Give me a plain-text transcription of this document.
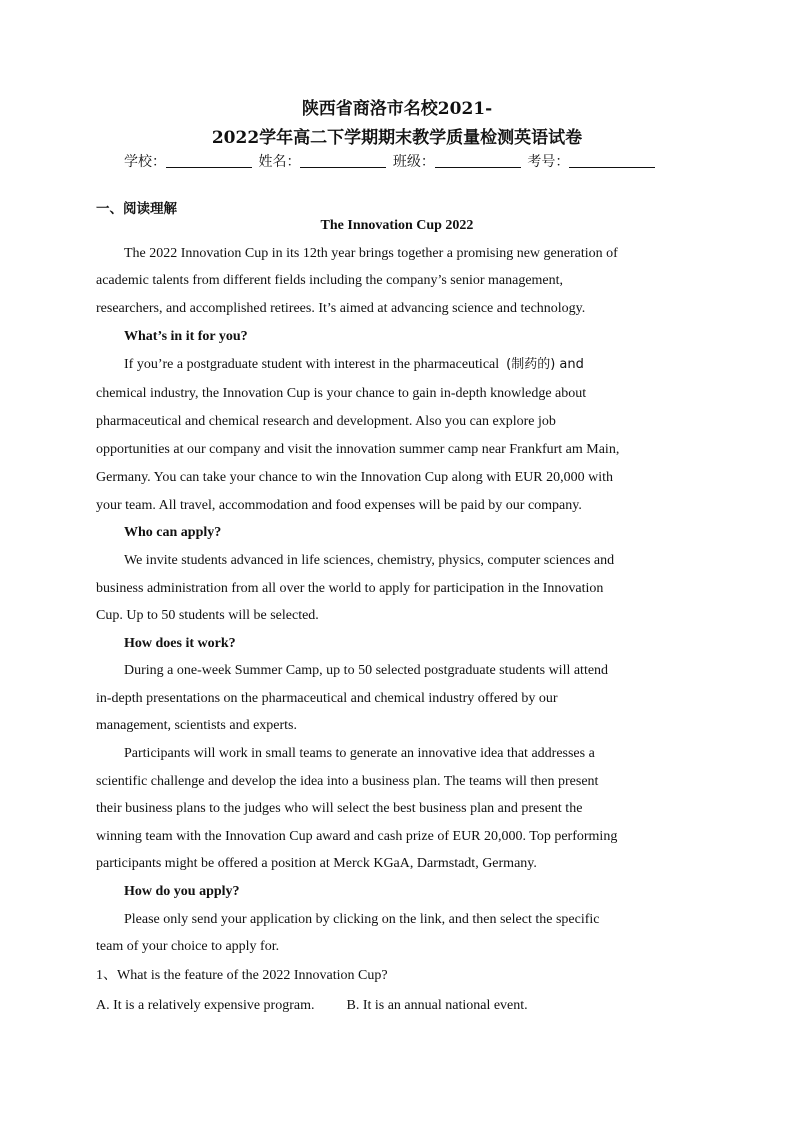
陕西省商洛市名校2021-
2022学年高二下学期期末教学质量检测英语试卷
学校：	姓名：	班级：	考号：
一、阅读理解
The Innovation Cup 2022
The 2022 Innovation Cup in its 12th year brings together a promising new generation of
academic talents from different fields including the company’s senior management,
researchers, and accomplished retirees. It’s aimed at advancing science and technology.
What’s in it for you?
If you’re a postgraduate student with interest in the pharmaceutical (制药的) and
chemical industry, the Innovation Cup is your chance to gain in-depth knowledge about
pharmaceutical and chemical research and development. Also you can explore job
opportunities at our company and visit the innovation summer camp near Frankfurt am Main,
Germany. You can take your chance to win the Innovation Cup along with EUR 20,000 with
your team. All travel, accommodation and food expenses will be paid by our company.
Who can apply?
We invite students advanced in life sciences, chemistry, physics, computer sciences and
business administration from all over the world to apply for participation in the Innovation
Cup. Up to 50 students will be selected.
How does it work?
During a one-week Summer Camp, up to 50 selected postgraduate students will attend
in-depth presentations on the pharmaceutical and chemical industry offered by our
management, scientists and experts.
Participants will work in small teams to generate an innovative idea that addresses a
scientific challenge and develop the idea into a business plan. The teams will then present
their business plans to the judges who will select the best business plan and present the
winning team with the Innovation Cup award and cash prize of EUR 20,000. Top performing
participants might be offered a position at Merck KGaA, Darmstadt, Germany.
How do you apply?
Please only send your application by clicking on the link, and then select the specific
team of your choice to apply for.
1、What is the feature of the 2022 Innovation Cup?
A. It is a relatively expensive program. B. It is an annual national event.
